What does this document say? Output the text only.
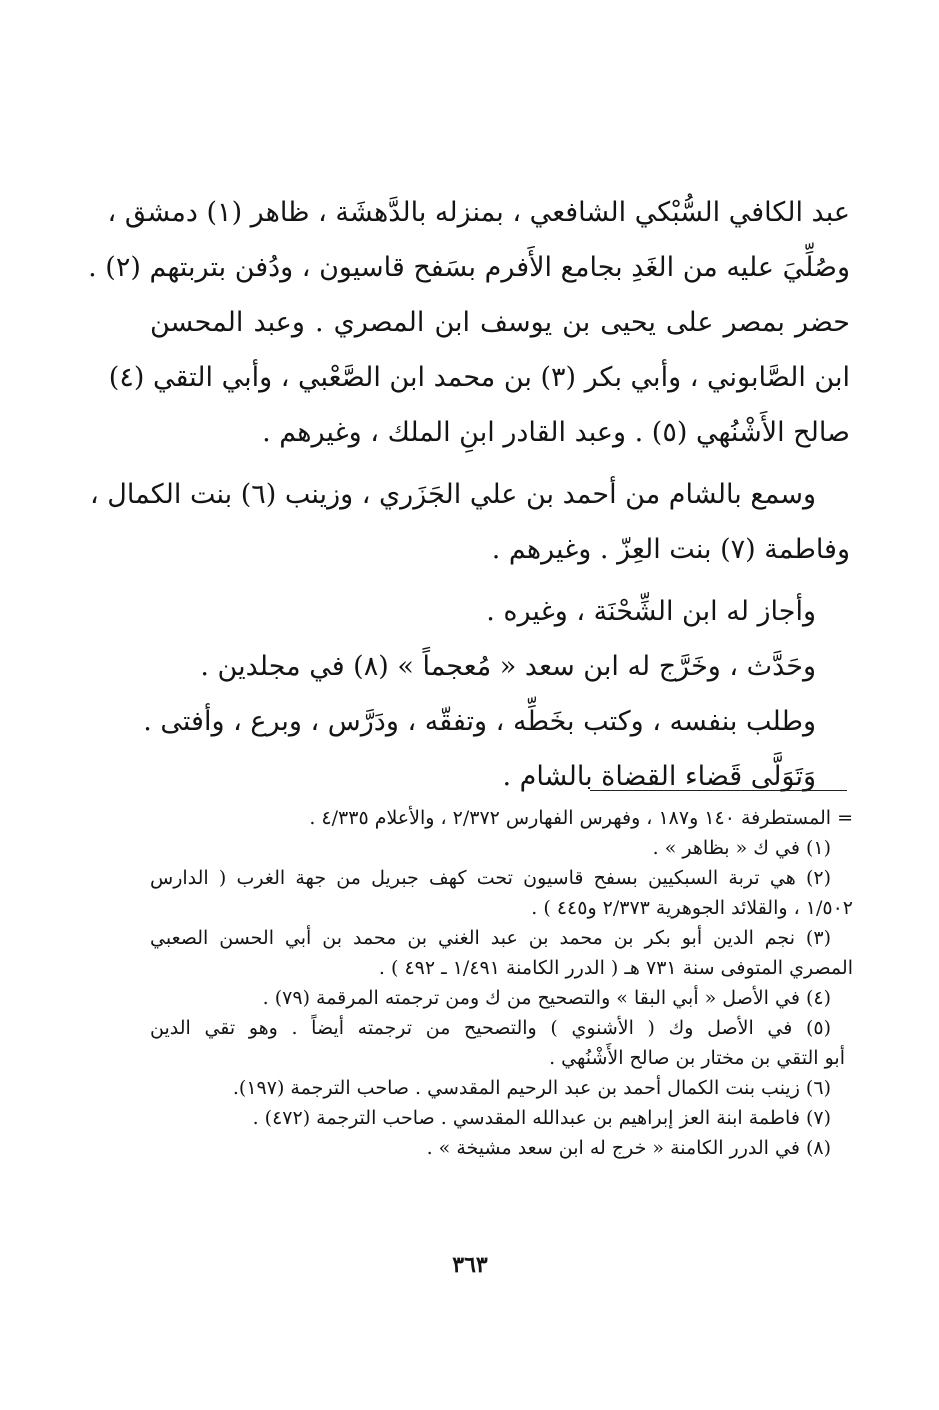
عبد الكافي السُّبْكي الشافعي ، بمنزله بالدَّهشَة ، ظاهر (١) دمشق ،
وصُلِّيَ عليه من الغَدِ بجامع الأَفرم بسَفح قاسيون ، ودُفن بتربتهم (٢) .
حضر بمصر على يحيى بن يوسف ابن المصري . وعبد المحسن
ابن الصَّابوني ، وأبي بكر (٣) بن محمد ابن الصَّعْبي ، وأبي التقي (٤)
صالح الأَشْنُهي (٥) . وعبد القادر ابنِ الملك ، وغيرهم .
وسمع بالشام من أحمد بن علي الجَزَري ، وزينب (٦) بنت الكمال ،
وفاطمة (٧) بنت العِزّ . وغيرهم .
وأجاز له ابن الشِّحْنَة ، وغيره .
وحَدَّث ، وخَرَّج له ابن سعد « مُعجماً » (٨) في مجلدين .
وطلب بنفسه ، وكتب بخَطِّه ، وتفقّه ، ودَرَّس ، وبرع ، وأفتى .
وَتَوَلَّى قَضاء القضاة بالشام .
= المستطرفة ١٤٠ و١٨٧ ، وفهرس الفهارس ٢/٣٧٢ ، والأعلام ٤/٣٣٥ .
(١) في ك « بظاهر » .
(٢) هي تربة السبكيين بسفح قاسيون تحت كهف جبريل من جهة الغرب ( الدارس
١/٥٠٢ ، والقلائد الجوهرية ٢/٣٧٣ و٤٤٥ ) .
(٣) نجم الدين أبو بكر بن محمد بن عبد الغني بن محمد بن أبي الحسن الصعبي
المصري المتوفى سنة ٧٣١ هـ ( الدرر الكامنة ١/٤٩١ ـ ٤٩٢ ) .
(٤) في الأصل « أبي البقا » والتصحيح من ك ومن ترجمته المرقمة (٧٩) .
(٥) في الأصل وك ( الأشنوي ) والتصحيح من ترجمته أيضاً . وهو تقي الدين
أبو التقي بن مختار بن صالح الأَشْنُهي .
(٦) زينب بنت الكمال أحمد بن عبد الرحيم المقدسي . صاحب الترجمة (١٩٧).
(٧) فاطمة ابنة العز إبراهيم بن عبدالله المقدسي . صاحب الترجمة (٤٧٢) .
(٨) في الدرر الكامنة « خرج له ابن سعد مشيخة » .
٣٦٣
